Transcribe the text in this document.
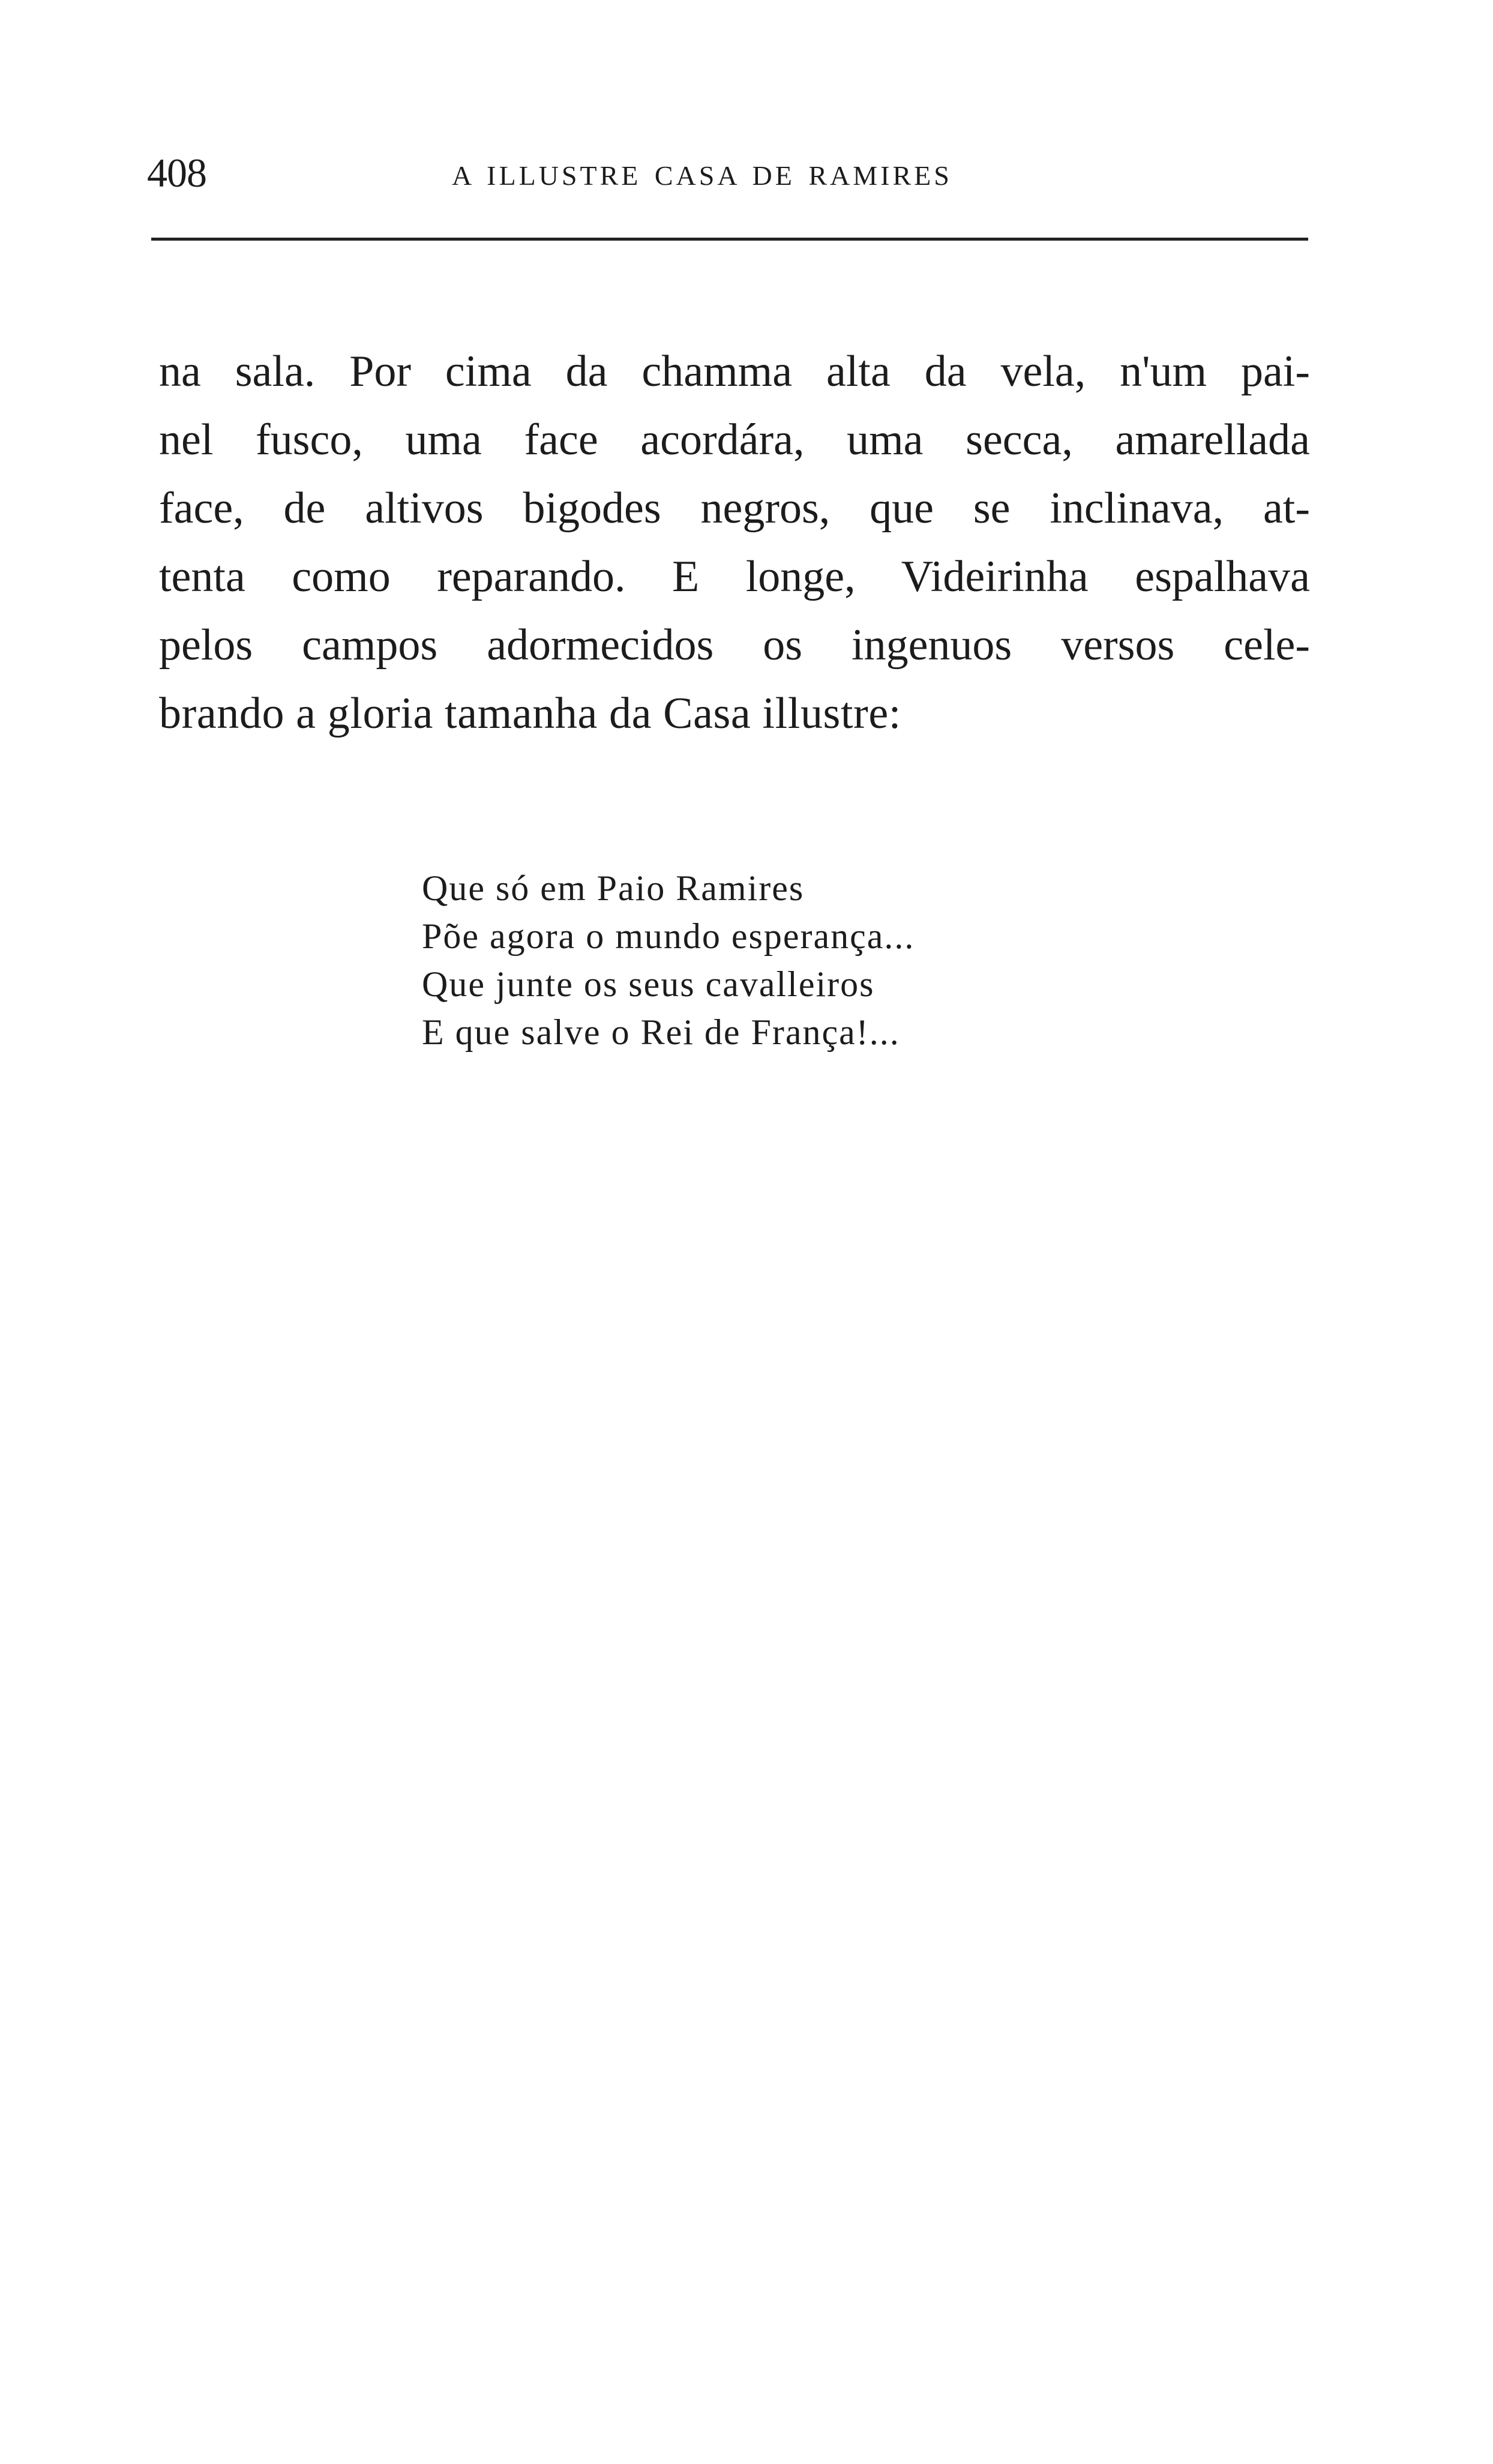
408	A ILLUSTRE CASA DE RAMIRES
na sala. Por cima da chamma alta da vela, n'um pai-
nel fusco, uma face acordára, uma secca, amarellada
face, de altivos bigodes negros, que se inclinava, at-
tenta como reparando. E longe, Videirinha espalhava
pelos campos adormecidos os ingenuos versos cele-
brando a gloria tamanha da Casa illustre:
Que só em Paio Ramires
Põe agora o mundo esperança...
Que junte os seus cavalleiros
E que salve o Rei de França!...
